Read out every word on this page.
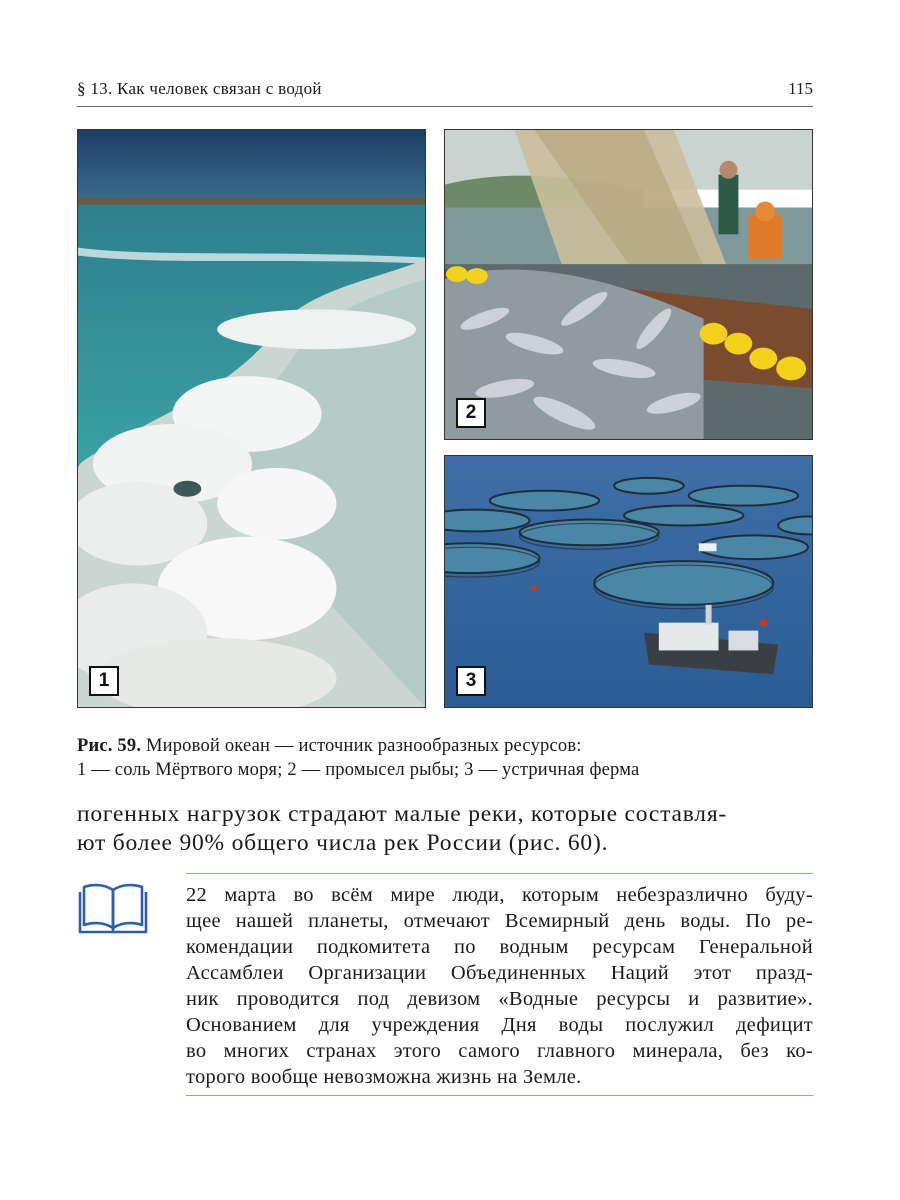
§ 13. Как человек связан с водой	115
1
2
3
Рис. 59. Мировой океан — источник разнообразных ресурсов:
1 — соль Мёртвого моря; 2 — промысел рыбы; 3 — устричная ферма
погенных нагрузок страдают малые реки, которые составля-
ют более 90% общего числа рек России (рис. 60).
22 марта во всём мире люди, которым небезразлично буду-
щее нашей планеты, отмечают Всемирный день воды. По ре-
комендации подкомитета по водным ресурсам Генеральной
Ассамблеи Организации Объединенных Наций этот празд-
ник проводится под девизом «Водные ресурсы и развитие».
Основанием для учреждения Дня воды послужил дефицит
во многих странах этого самого главного минерала, без ко-
торого вообще невозможна жизнь на Земле.
